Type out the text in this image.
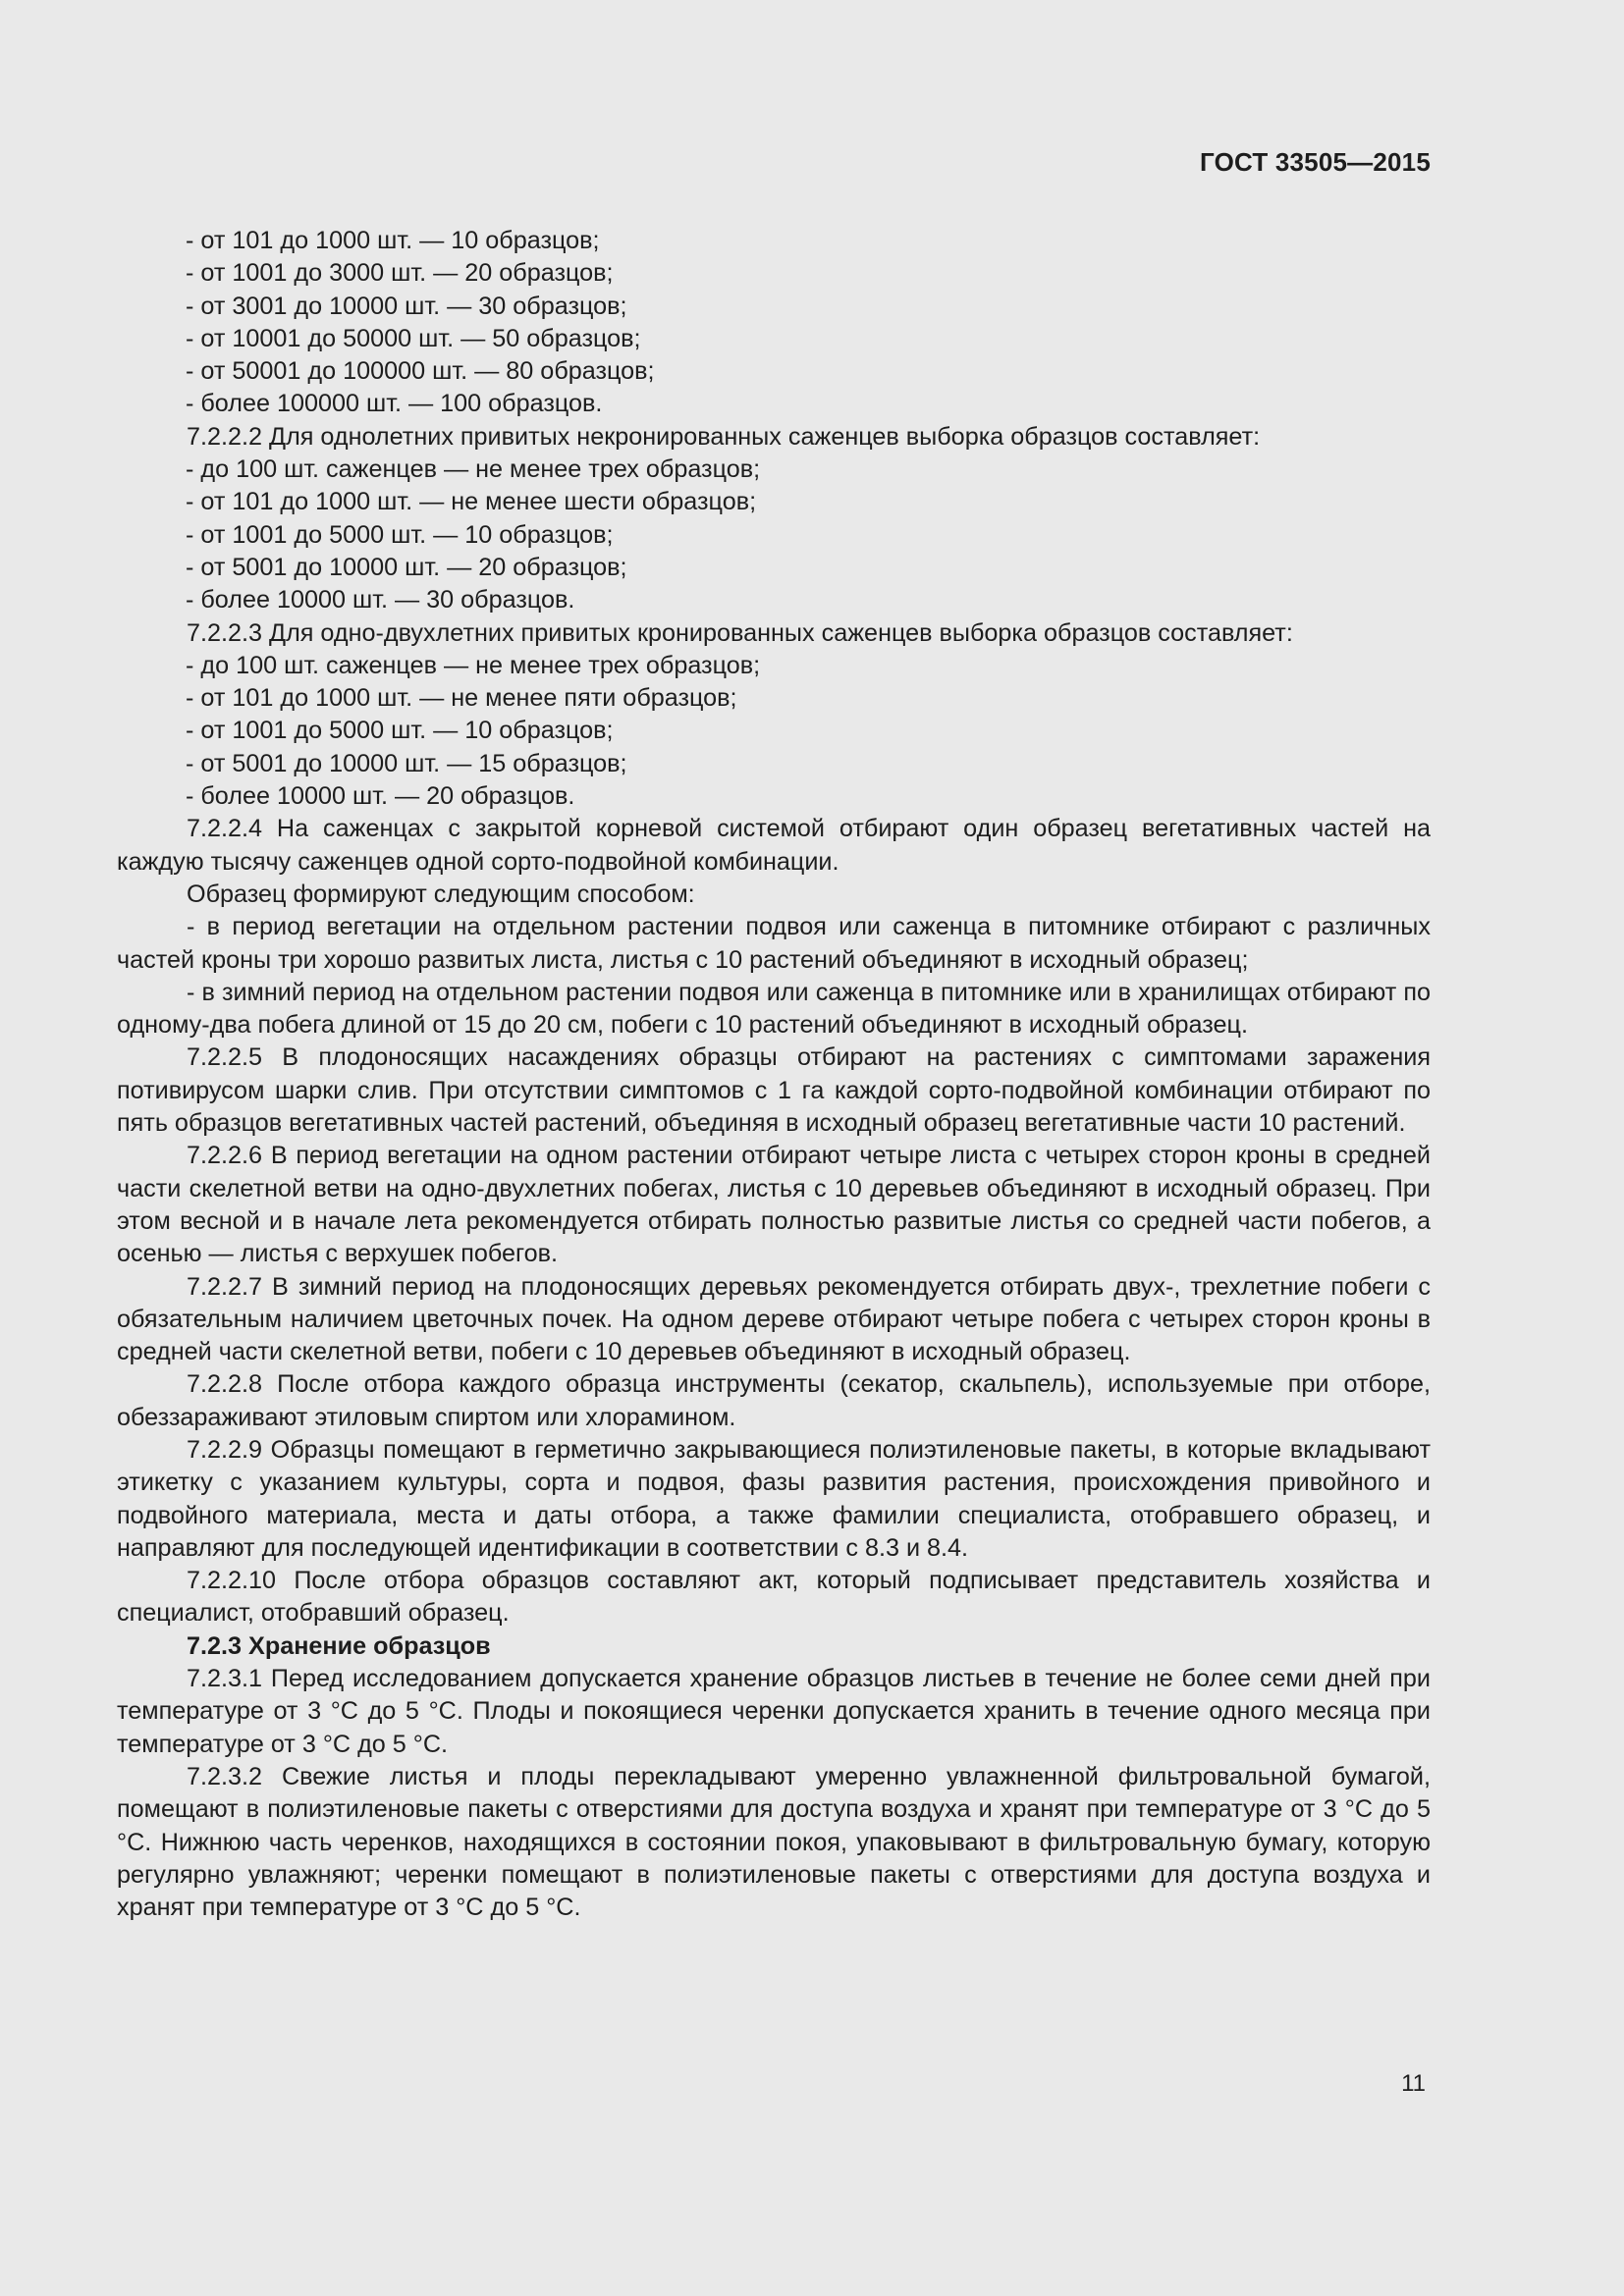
ГОСТ 33505—2015

- от 101 до 1000 шт. — 10 образцов;

- от 1001 до 3000 шт. — 20 образцов;

- от 3001 до 10000 шт. — 30 образцов;

- от 10001 до 50000 шт. — 50 образцов;

- от 50001 до 100000 шт. — 80 образцов;

- более 100000 шт. — 100 образцов.

7.2.2.2 Для однолетних привитых некронированных саженцев выборка образцов составляет:

- до 100 шт. саженцев — не менее трех образцов;

- от 101 до 1000 шт. — не менее шести образцов;

- от 1001 до 5000 шт. — 10 образцов;

- от 5001 до 10000 шт. — 20 образцов;

- более 10000 шт. — 30 образцов.

7.2.2.3 Для одно-двухлетних привитых кронированных саженцев выборка образцов составляет:

- до 100 шт. саженцев — не менее трех образцов;

- от 101 до 1000 шт. — не менее пяти образцов;

- от 1001 до 5000 шт. — 10 образцов;

- от 5001 до 10000 шт. — 15 образцов;

- более 10000 шт. — 20 образцов.

7.2.2.4 На саженцах с закрытой корневой системой отбирают один образец вегетативных частей на каждую тысячу саженцев одной сорто-подвойной комбинации.

Образец формируют следующим способом:

- в период вегетации на отдельном растении подвоя или саженца в питомнике отбирают с различных частей кроны три хорошо развитых листа, листья с 10 растений объединяют в исходный образец;

- в зимний период на отдельном растении подвоя или саженца в питомнике или в хранилищах отбирают по одному-два побега длиной от 15 до 20 см, побеги с 10 растений объединяют в исходный образец.

7.2.2.5 В плодоносящих насаждениях образцы отбирают на растениях с симптомами заражения потивирусом шарки слив. При отсутствии симптомов с 1 га каждой сорто-подвойной комбинации отбирают по пять образцов вегетативных частей растений, объединяя в исходный образец вегетативные части 10 растений.

7.2.2.6 В период вегетации на одном растении отбирают четыре листа с четырех сторон кроны в средней части скелетной ветви на одно-двухлетних побегах, листья с 10 деревьев объединяют в исходный образец. При этом весной и в начале лета рекомендуется отбирать полностью развитые листья со средней части побегов, а осенью — листья с верхушек побегов.

7.2.2.7 В зимний период на плодоносящих деревьях рекомендуется отбирать двух-, трехлетние побеги с обязательным наличием цветочных почек. На одном дереве отбирают четыре побега с четырех сторон кроны в средней части скелетной ветви, побеги с 10 деревьев объединяют в исходный образец.

7.2.2.8 После отбора каждого образца инструменты (секатор, скальпель), используемые при отборе, обеззараживают этиловым спиртом или хлорамином.

7.2.2.9 Образцы помещают в герметично закрывающиеся полиэтиленовые пакеты, в которые вкладывают этикетку с указанием культуры, сорта и подвоя, фазы развития растения, происхождения привойного и подвойного материала, места и даты отбора, а также фамилии специалиста, отобравшего образец, и направляют для последующей идентификации в соответствии с 8.3 и 8.4.

7.2.2.10 После отбора образцов составляют акт, который подписывает представитель хозяйства и специалист, отобравший образец.

7.2.3 Хранение образцов

7.2.3.1 Перед исследованием допускается хранение образцов листьев в течение не более семи дней при температуре от 3 °С до 5 °С. Плоды и покоящиеся черенки допускается хранить в течение одного месяца при температуре от 3 °С до 5 °С.

7.2.3.2 Свежие листья и плоды перекладывают умеренно увлажненной фильтровальной бумагой, помещают в полиэтиленовые пакеты с отверстиями для доступа воздуха и хранят при температуре от 3 °С до 5 °С. Нижнюю часть черенков, находящихся в состоянии покоя, упаковывают в фильтровальную бумагу, которую регулярно увлажняют; черенки помещают в полиэтиленовые пакеты с отверстиями для доступа воздуха и хранят при температуре от 3 °С до 5 °С.

11
